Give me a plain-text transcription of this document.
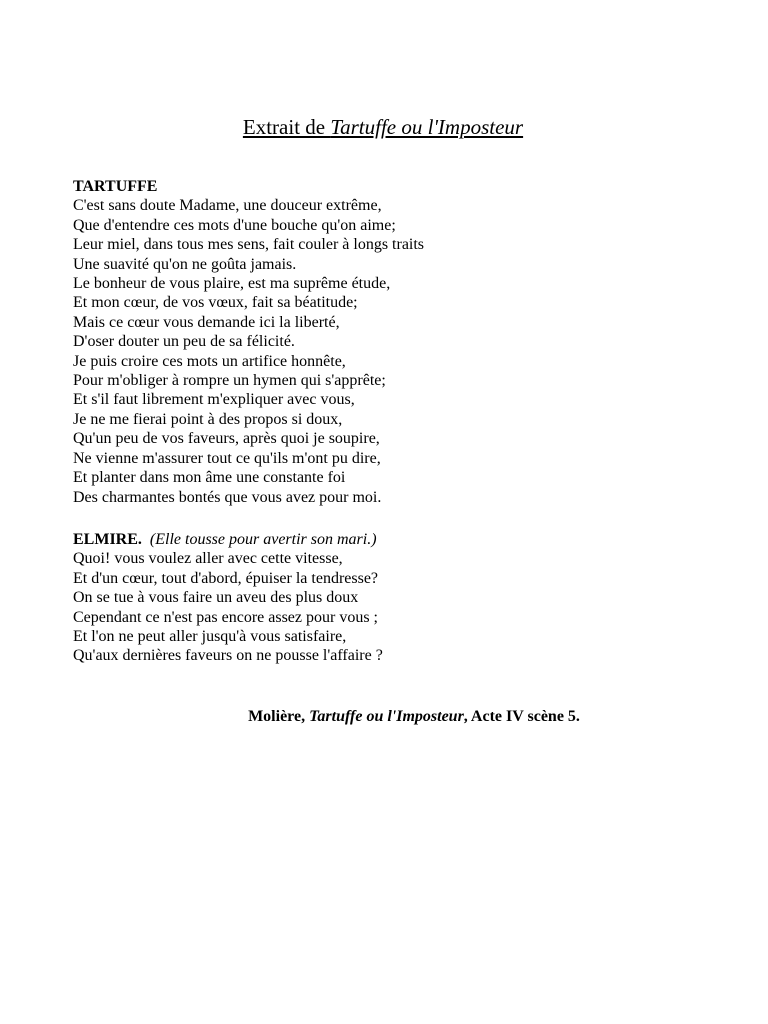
Extrait de Tartuffe ou l'Imposteur
TARTUFFE
C'est sans doute Madame, une douceur extrême,
Que d'entendre ces mots d'une bouche qu'on aime;
Leur miel, dans tous mes sens, fait couler à longs traits
Une suavité qu'on ne goûta jamais.
Le bonheur de vous plaire, est ma suprême étude,
Et mon cœur, de vos vœux, fait sa béatitude;
Mais ce cœur vous demande ici la liberté,
D'oser douter un peu de sa félicité.
Je puis croire ces mots un artifice honnête,
Pour m'obliger à rompre un hymen qui s'apprête;
Et s'il faut librement m'expliquer avec vous,
Je ne me fierai point à des propos si doux,
Qu'un peu de vos faveurs, après quoi je soupire,
Ne vienne m'assurer tout ce qu'ils m'ont pu dire,
Et planter dans mon âme une constante foi
Des charmantes bontés que vous avez pour moi.
ELMIRE. (Elle tousse pour avertir son mari.)
Quoi! vous voulez aller avec cette vitesse,
Et d'un cœur, tout d'abord, épuiser la tendresse?
On se tue à vous faire un aveu des plus doux
Cependant ce n'est pas encore assez pour vous ;
Et l'on ne peut aller jusqu'à vous satisfaire,
Qu'aux dernières faveurs on ne pousse l'affaire ?
Molière, Tartuffe ou l'Imposteur, Acte IV scène 5.
